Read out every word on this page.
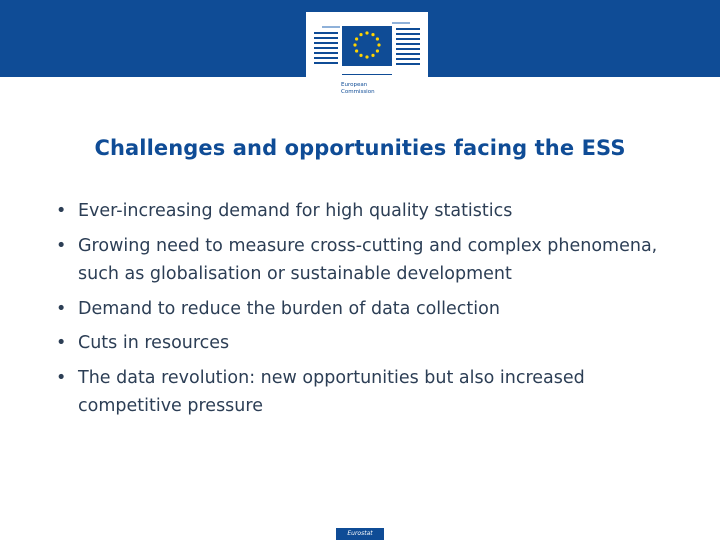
European
Commission
Challenges and opportunities facing the ESS
• Ever-increasing demand for high quality statistics
• Growing need to measure cross-cutting and complex phenomena, such as globalisation or sustainable development
• Demand to reduce the burden of data collection
• Cuts in resources
• The data revolution: new opportunities but also increased competitive pressure
Eurostat
